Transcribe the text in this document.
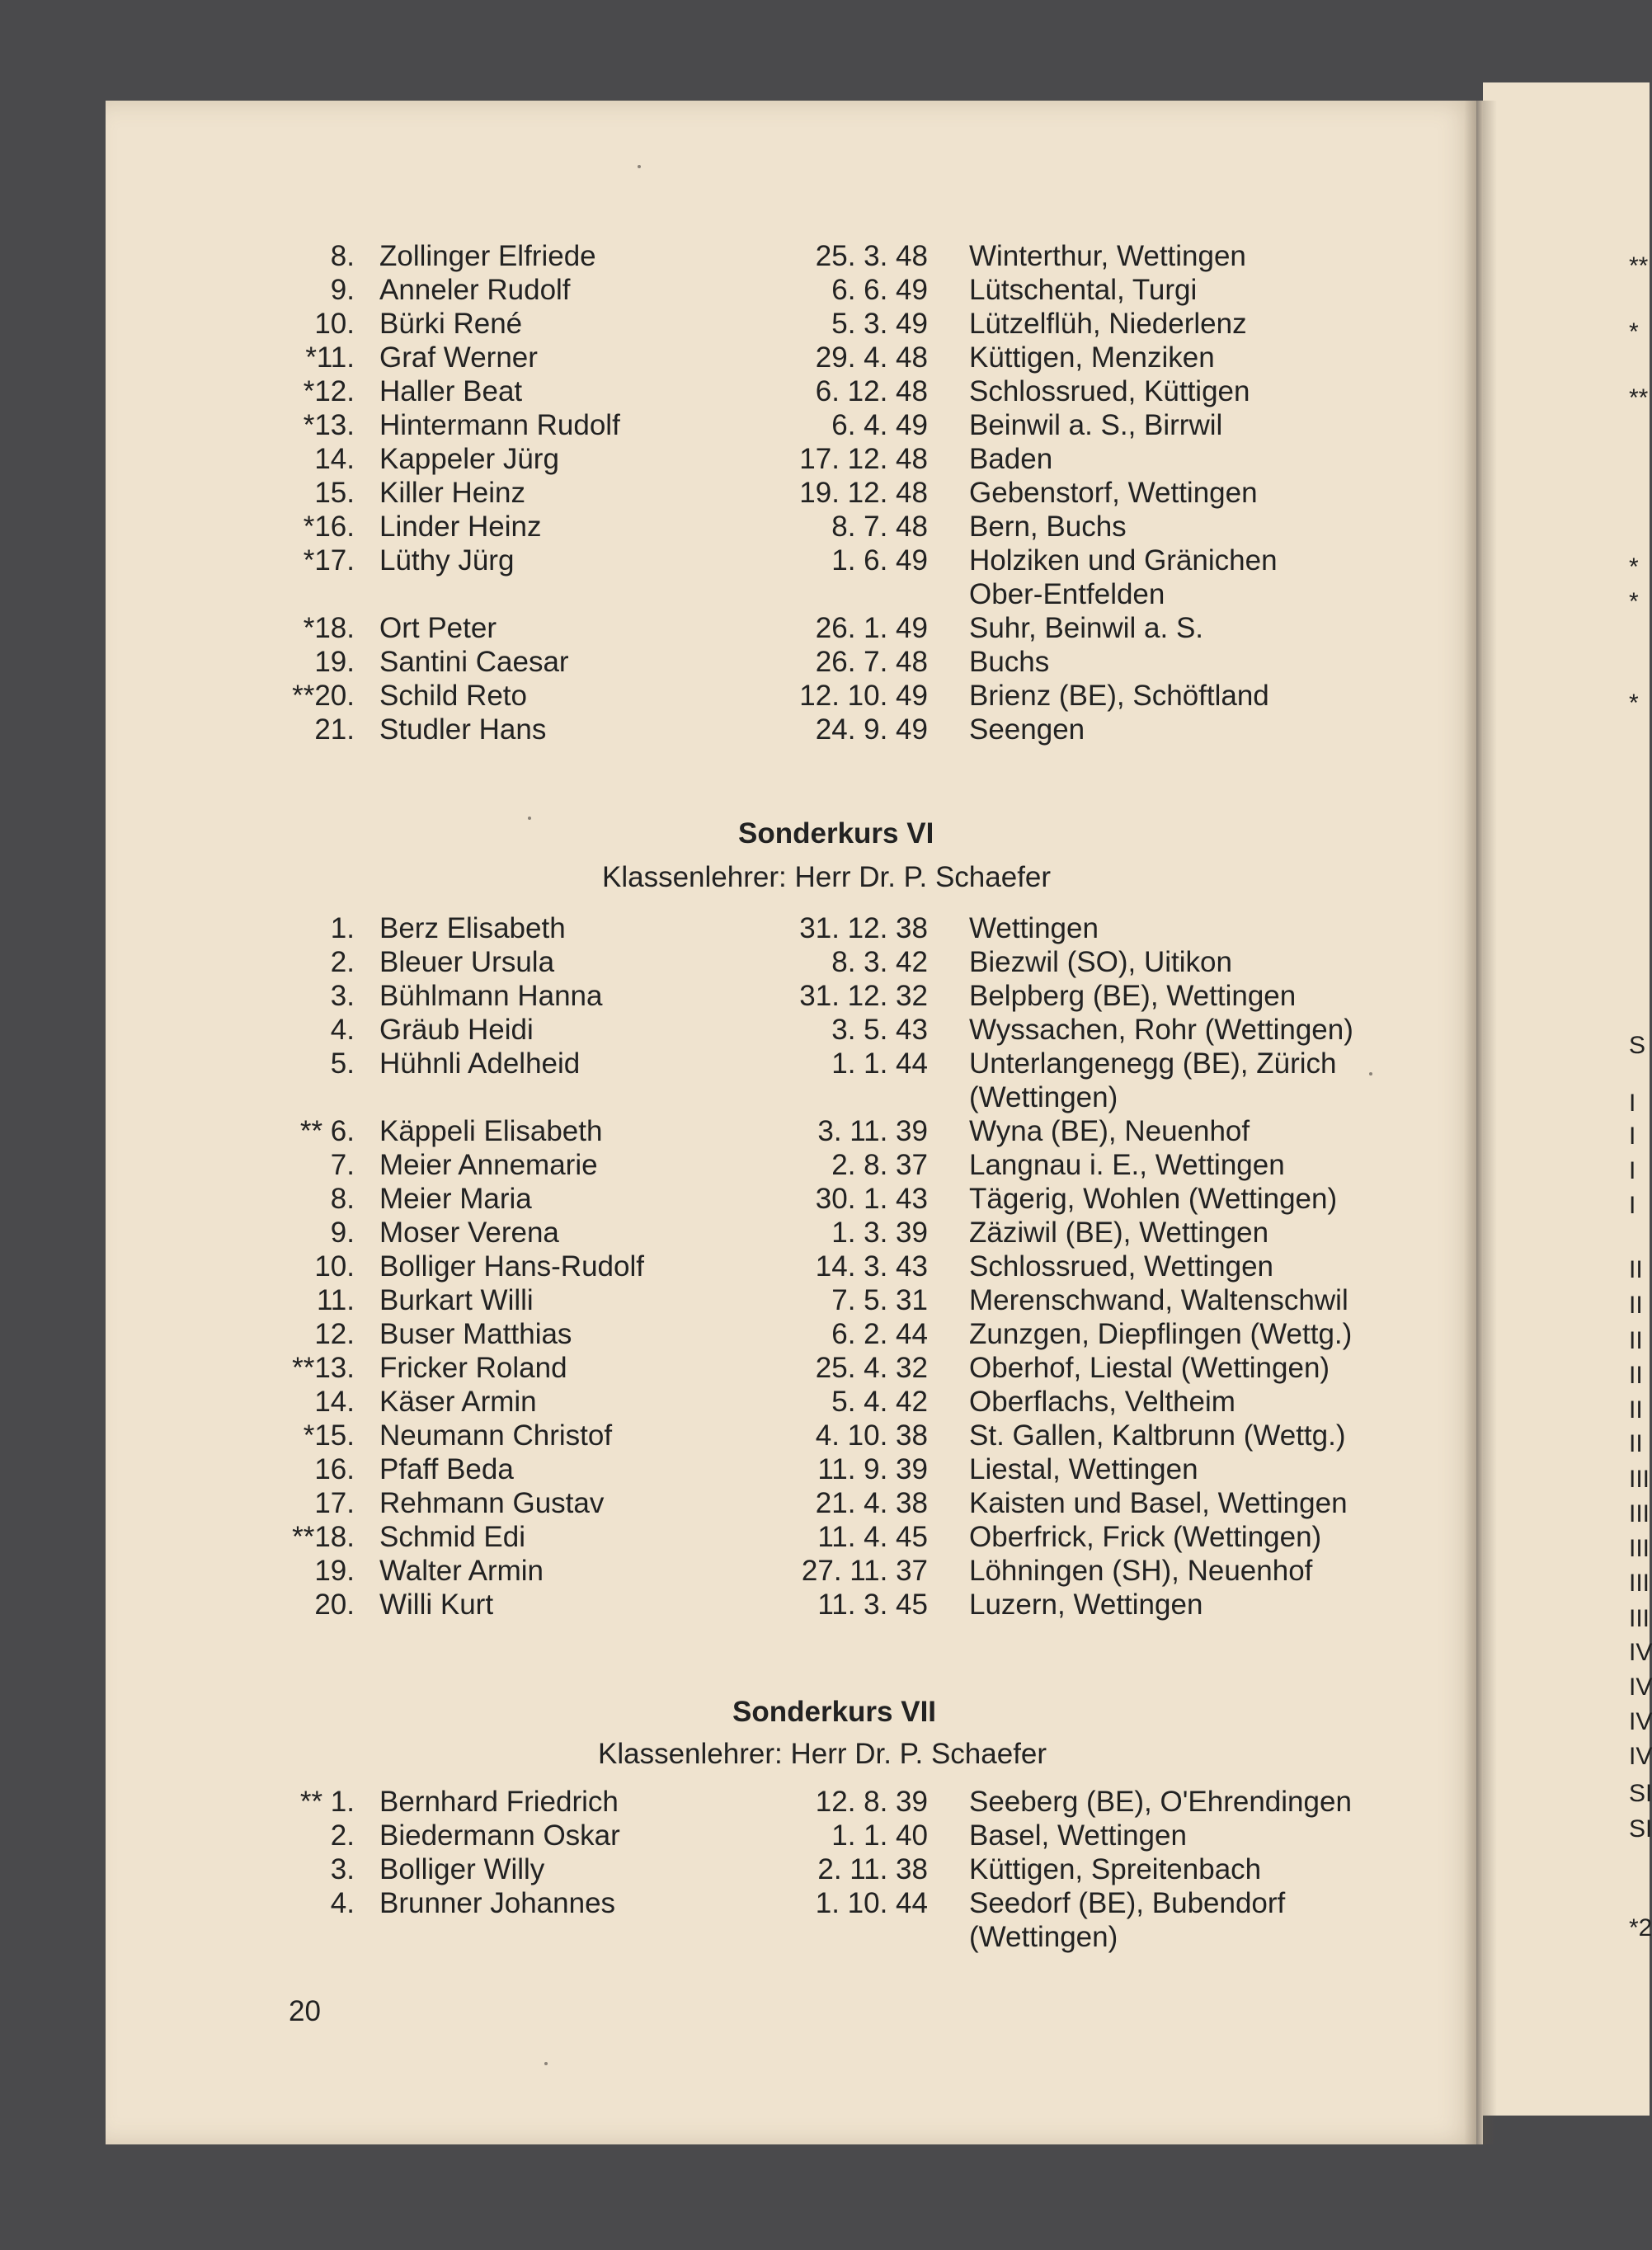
8. Zollinger Elfriede	25. 3. 48 Winterthur, Wettingen
9. Anneler Rudolf	6. 6. 49 Lütschental, Turgi
10. Bürki René	5. 3. 49 Lützelflüh, Niederlenz
*11. Graf Werner	29. 4. 48 Küttigen, Menziken
*12. Haller Beat	6. 12. 48 Schlossrued, Küttigen
*13. Hintermann Rudolf	6. 4. 49 Beinwil a. S., Birrwil
14. Kappeler Jürg	17. 12. 48 Baden
15. Killer Heinz	19. 12. 48 Gebenstorf, Wettingen
*16. Linder Heinz	8. 7. 48 Bern, Buchs
*17. Lüthy Jürg	1. 6. 49 Holziken und Gränichen
Ober-Entfelden
*18. Ort Peter	26. 1. 49 Suhr, Beinwil a. S.
19. Santini Caesar	26. 7. 48 Buchs
**20. Schild Reto	12. 10. 49 Brienz (BE), Schöftland
21. Studler Hans	24. 9. 49 Seengen
Sonderkurs VI
Klassenlehrer: Herr Dr. P. Schaefer
1. Berz Elisabeth	31. 12. 38 Wettingen
2. Bleuer Ursula	8. 3. 42 Biezwil (SO), Uitikon
3. Bühlmann Hanna	31. 12. 32 Belpberg (BE), Wettingen
4. Gräub Heidi	3. 5. 43 Wyssachen, Rohr (Wettingen)
5. Hühnli Adelheid	1. 1. 44 Unterlangenegg (BE), Zürich
(Wettingen)
** 6. Käppeli Elisabeth	3. 11. 39 Wyna (BE), Neuenhof
7. Meier Annemarie	2. 8. 37 Langnau i. E., Wettingen
8. Meier Maria	30. 1. 43 Tägerig, Wohlen (Wettingen)
9. Moser Verena	1. 3. 39 Zäziwil (BE), Wettingen
10. Bolliger Hans-Rudolf	14. 3. 43 Schlossrued, Wettingen
11. Burkart Willi	7. 5. 31 Merenschwand, Waltenschwil
12. Buser Matthias	6. 2. 44 Zunzgen, Diepflingen (Wettg.)
**13. Fricker Roland	25. 4. 32 Oberhof, Liestal (Wettingen)
14. Käser Armin	5. 4. 42 Oberflachs, Veltheim
*15. Neumann Christof	4. 10. 38 St. Gallen, Kaltbrunn (Wettg.)
16. Pfaff Beda	11. 9. 39 Liestal, Wettingen
17. Rehmann Gustav	21. 4. 38 Kaisten und Basel, Wettingen
**18. Schmid Edi	11. 4. 45 Oberfrick, Frick (Wettingen)
19. Walter Armin	27. 11. 37 Löhningen (SH), Neuenhof
20. Willi Kurt	11. 3. 45 Luzern, Wettingen
Sonderkurs VII
Klassenlehrer: Herr Dr. P. Schaefer
** 1. Bernhard Friedrich	12. 8. 39 Seeberg (BE), O'Ehrendingen
2. Biedermann Oskar	1. 1. 40 Basel, Wettingen
3. Bolliger Willy	2. 11. 38 Küttigen, Spreitenbach
4. Brunner Johannes	1. 10. 44 Seedorf (BE), Bubendorf
(Wettingen)
20
**
*
**
*
*
*
S
I
I
I
I
II
II
II
II
II
II
III
III
III
III
III
IV
IV
IV
IV
SI
SI
*2
